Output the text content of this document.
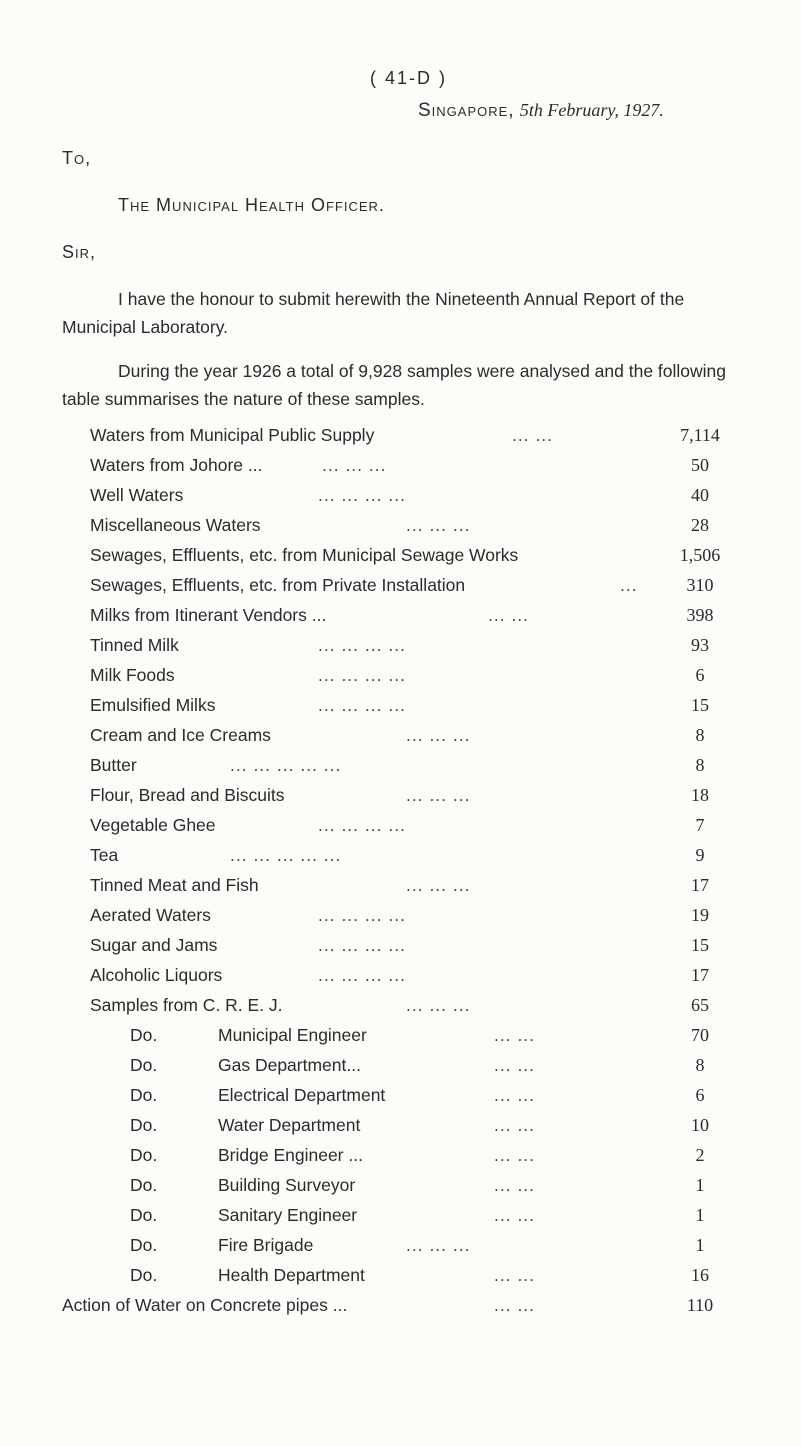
( 41-D )
Singapore, 5th February, 1927.
To,
The Municipal Health Officer.
Sir,
I have the honour to submit herewith the Nineteenth Annual Report of the Municipal Laboratory.
During the year 1926 a total of 9,928 samples were analysed and the following table summarises the nature of these samples.
Waters from Municipal Public Supply	... ...	7,114
Waters from Johore ...	... ... ...	50
Well Waters	... ... ... ...	40
Miscellaneous Waters	... ... ...	28
Sewages, Effluents, etc. from Municipal Sewage Works	1,506
Sewages, Effluents, etc. from Private Installation	...	310
Milks from Itinerant Vendors ...	... ...	398
Tinned Milk	... ... ... ...	93
Milk Foods	... ... ... ...	6
Emulsified Milks	... ... ... ...	15
Cream and Ice Creams	... ... ...	8
Butter	... ... ... ... ...	8
Flour, Bread and Biscuits	... ... ...	18
Vegetable Ghee	... ... ... ...	7
Tea	... ... ... ... ...	9
Tinned Meat and Fish	... ... ...	17
Aerated Waters	... ... ... ...	19
Sugar and Jams	... ... ... ...	15
Alcoholic Liquors	... ... ... ...	17
Samples from C. R. E. J.	... ... ...	65
Do.	Municipal Engineer	... ...	70
Do.	Gas Department...	... ...	8
Do.	Electrical Department	... ...	6
Do.	Water Department	... ...	10
Do.	Bridge Engineer ...	... ...	2
Do.	Building Surveyor	... ...	1
Do.	Sanitary Engineer	... ...	1
Do.	Fire Brigade	... ... ...	1
Do.	Health Department	... ...	16
Action of Water on Concrete pipes ...	... ...	110
